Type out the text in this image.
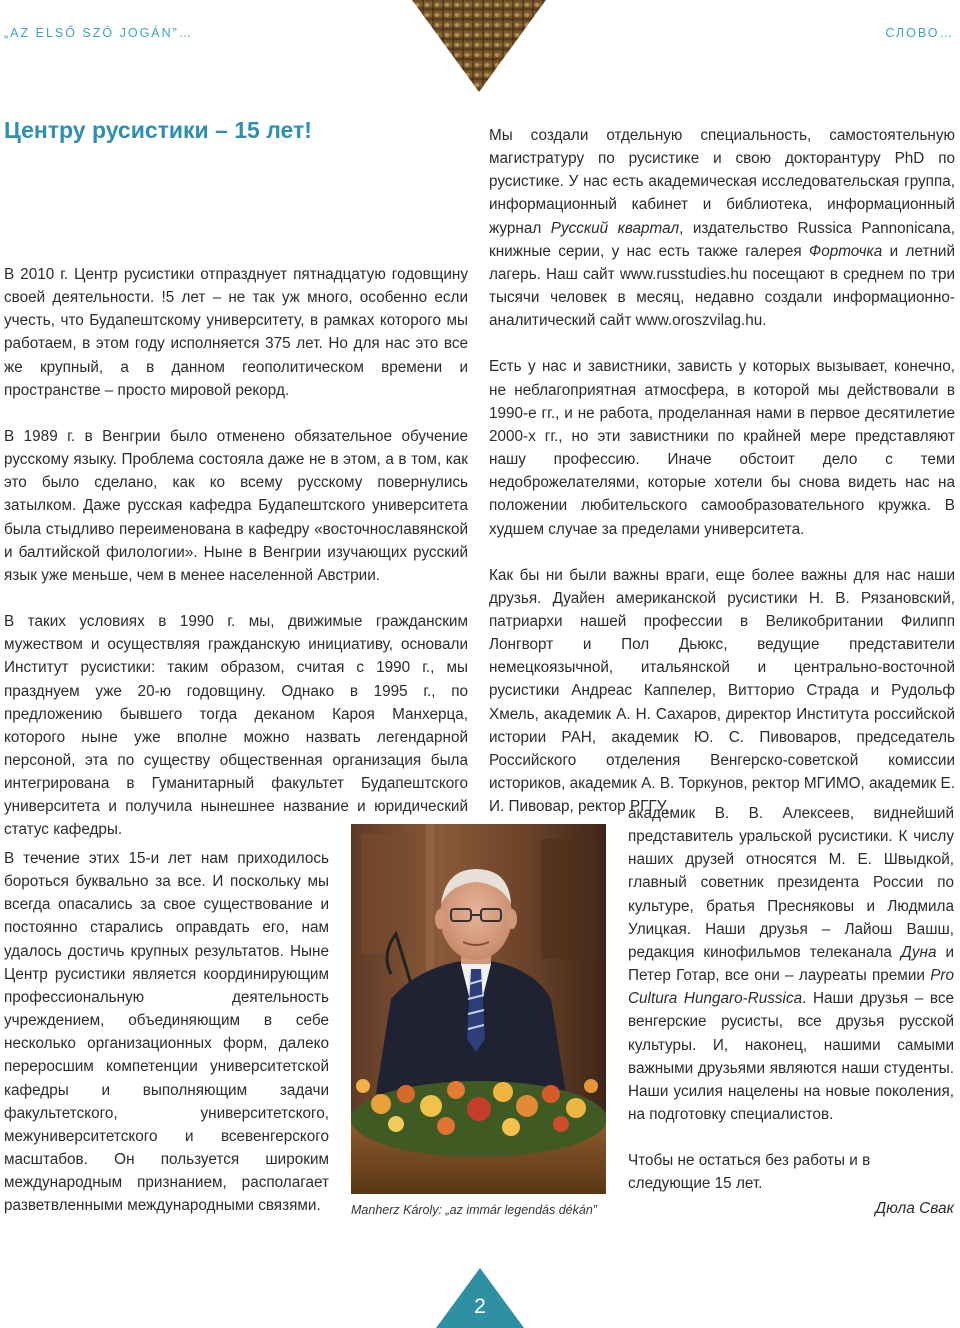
„AZ ELSŐ SZÓ JOGÁN”…	СЛОВО…
Центру русистики – 15 лет!

В 2010 г. Центр русистики отпразднует пятнадцатую годовщину своей деятельности. !5 лет – не так уж много, особенно если учесть, что Будапештскому университету, в рамках которого мы работаем, в этом году исполняется 375 лет. Но для нас это все же крупный, а в данном геополитическом времени и пространстве – просто мировой рекорд.

В 1989 г. в Венгрии было отменено обязательное обучение русскому языку. Проблема состояла даже не в этом, а в том, как это было сделано, как ко всему русскому повернулись затылком. Даже русская кафедра Будапештского университета была стыдливо переименована в кафедру «восточнославянской и балтийской филологии». Ныне в Венгрии изучающих русский язык уже меньше, чем в менее населенной Австрии.

В таких условиях в 1990 г. мы, движимые гражданским мужеством и осуществляя гражданскую инициативу, основали Институт русистики: таким образом, считая с 1990 г., мы празднуем уже 20-ю годовщину. Однако в 1995 г., по предложению бывшего тогда деканом Кароя Манхерца, которого ныне уже вполне можно назвать легендарной персоной, эта по существу общественная организация была интегрирована в Гуманитарный факультет Будапештского университета и получила нынешнее название и юридический статус кафедры.

В течение этих 15-и лет нам приходилось бороться буквально за все. И поскольку мы всегда опасались за свое существование и постоянно старались оправдать его, нам удалось достичь крупных результатов. Ныне Центр русистики является координирующим профессиональную деятельность учреждением, объединяющим в себе несколько организационных форм, далеко переросшим компетенции университетской кафедры и выполняющим задачи факультетского, университетского, межуниверситетского и всевенгерского масштабов. Он пользуется широким международным признанием, располагает разветвленными международными связями.

Мы создали отдельную специальность, самостоятельную магистратуру по русистике и свою докторантуру PhD по русистике. У нас есть академическая исследовательская группа, информационный кабинет и библиотека, информационный журнал Русский квартал, издательство Russica Pannonicana, книжные серии, у нас есть также галерея Форточка и летний лагерь. Наш сайт www.russtudies.hu посещают в среднем по три тысячи человек в месяц, недавно создали информационно-аналитический сайт www.oroszvilag.hu.

Есть у нас и завистники, зависть у которых вызывает, конечно, не неблагоприятная атмосфера, в которой мы действовали в 1990-е гг., и не работа, проделанная нами в первое десятилетие 2000-х гг., но эти завистники по крайней мере представляют нашу профессию. Иначе обстоит дело с теми недоброжелателями, которые хотели бы снова видеть нас на положении любительского самообразовательного кружка. В худшем случае за пределами университета.

Как бы ни были важны враги, еще более важны для нас наши друзья. Дуайен американской русистики Н. В. Рязановский, патриархи нашей профессии в Великобритании Филипп Лонгворт и Пол Дьюкс, ведущие представители немецкоязычной, итальянской и центрально-восточной русистики Андреас Каппелер, Витторио Страда и Рудольф Хмель, академик А. Н. Сахаров, директор Института российской истории РАН, академик Ю. С. Пивоваров, председатель Российского отделения Венгерско-советской комиссии историков, академик А. В. Торкунов, ректор МГИМО, академик Е. И. Пивовар, ректор РГГУ,

академик В. В. Алексеев, виднейший представитель уральской русистики. К числу наших друзей относятся М. Е. Швыдкой, главный советник президента России по культуре, братья Пресняковы и Людмила Улицкая. Наши друзья – Лайош Вашш, редакция кинофильмов телеканала Дуна и Петер Готар, все они – лауреаты премии Pro Cultura Hungaro-Russica. Наши друзья – все венгерские русисты, все друзья русской культуры. И, наконец, нашими самыми важными друзьями являются наши студенты. Наши усилия нацелены на новые поколения, на подготовку специалистов.

Чтобы не остаться без работы и в следующие 15 лет.

Manherz Károly: „az immár legendás dékán”	Дюла Свак
2
